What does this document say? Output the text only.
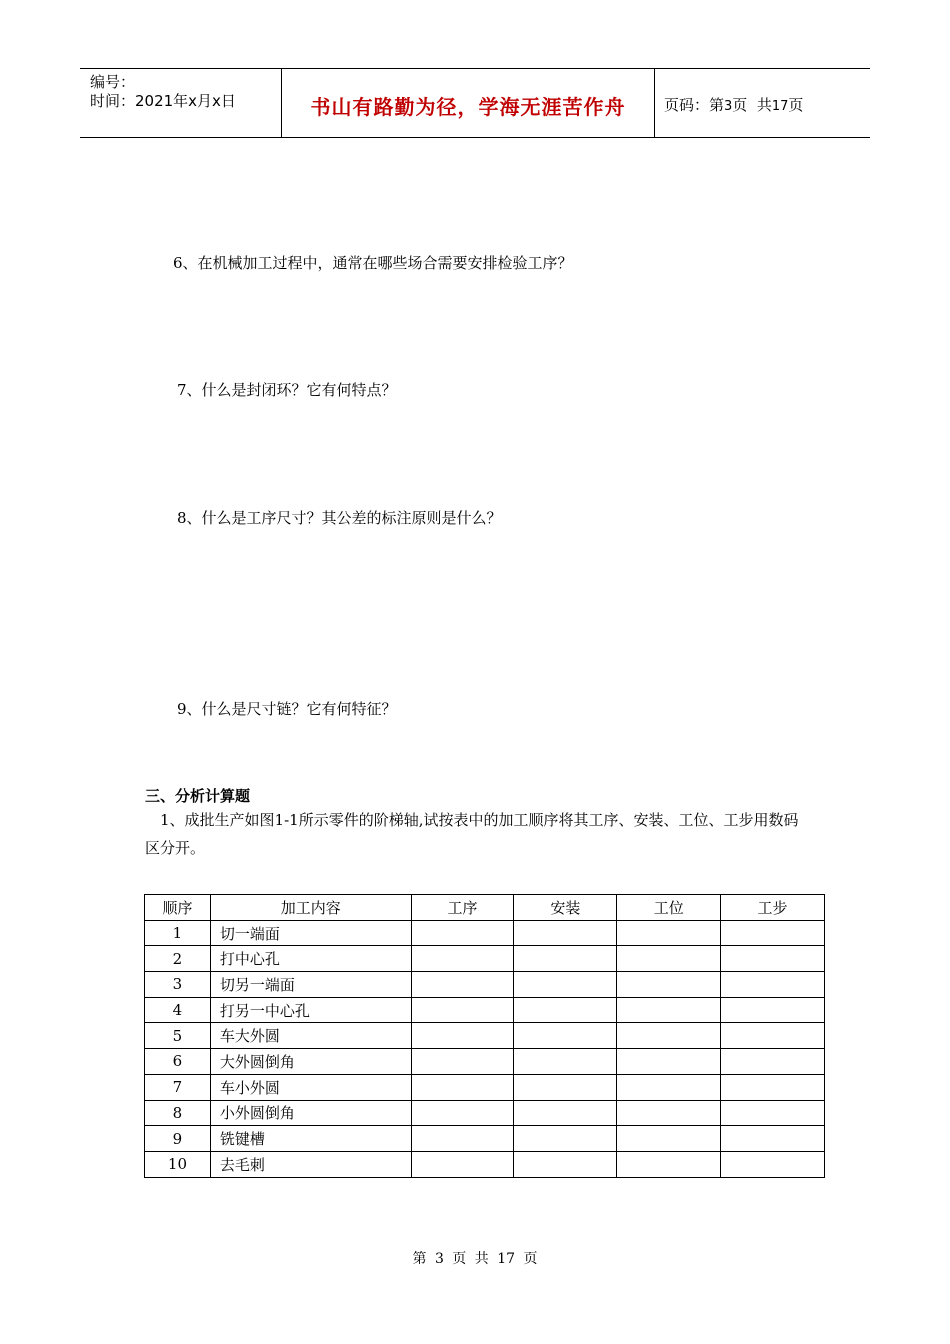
编号：
时间：2021年x月x日	书山有路勤为径，学海无涯苦作舟	页码：第3页  共17页
6、在机械加工过程中，通常在哪些场合需要安排检验工序？
7、什么是封闭环？它有何特点？
8、什么是工序尺寸？其公差的标注原则是什么？
9、什么是尺寸链？它有何特征？
三、分析计算题
1、成批生产如图1-1所示零件的阶梯轴,试按表中的加工顺序将其工序、安装、工位、工步用数码区分开。
顺序	加工内容	工序	安装	工位	工步
1	切一端面				
2	打中心孔				
3	切另一端面				
4	打另一中心孔				
5	车大外圆				
6	大外圆倒角				
7	车小外圆				
8	小外圆倒角				
9	铣键槽				
10	去毛刺				
第 3 页 共 17 页
